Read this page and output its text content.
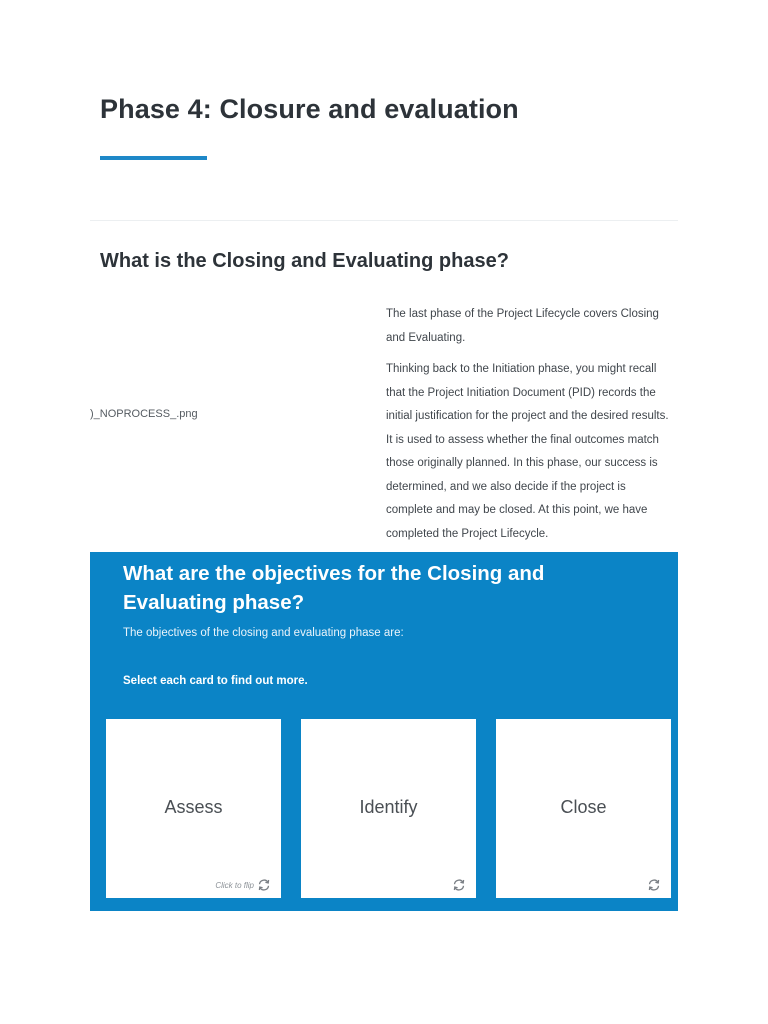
Phase 4: Closure and evaluation
What is the Closing and Evaluating phase?
)_NOPROCESS_.png

The last phase of the Project Lifecycle covers Closing and Evaluating.

Thinking back to the Initiation phase, you might recall that the Project Initiation Document (PID) records the initial justification for the project and the desired results. It is used to assess whether the final outcomes match those originally planned. In this phase, our success is determined, and we also decide if the project is complete and may be closed. At this point, we have completed the Project Lifecycle.

What are the objectives for the Closing and Evaluating phase?

The objectives of the closing and evaluating phase are:

Select each card to find out more.

Assess
Click to flip
Identify	Close
